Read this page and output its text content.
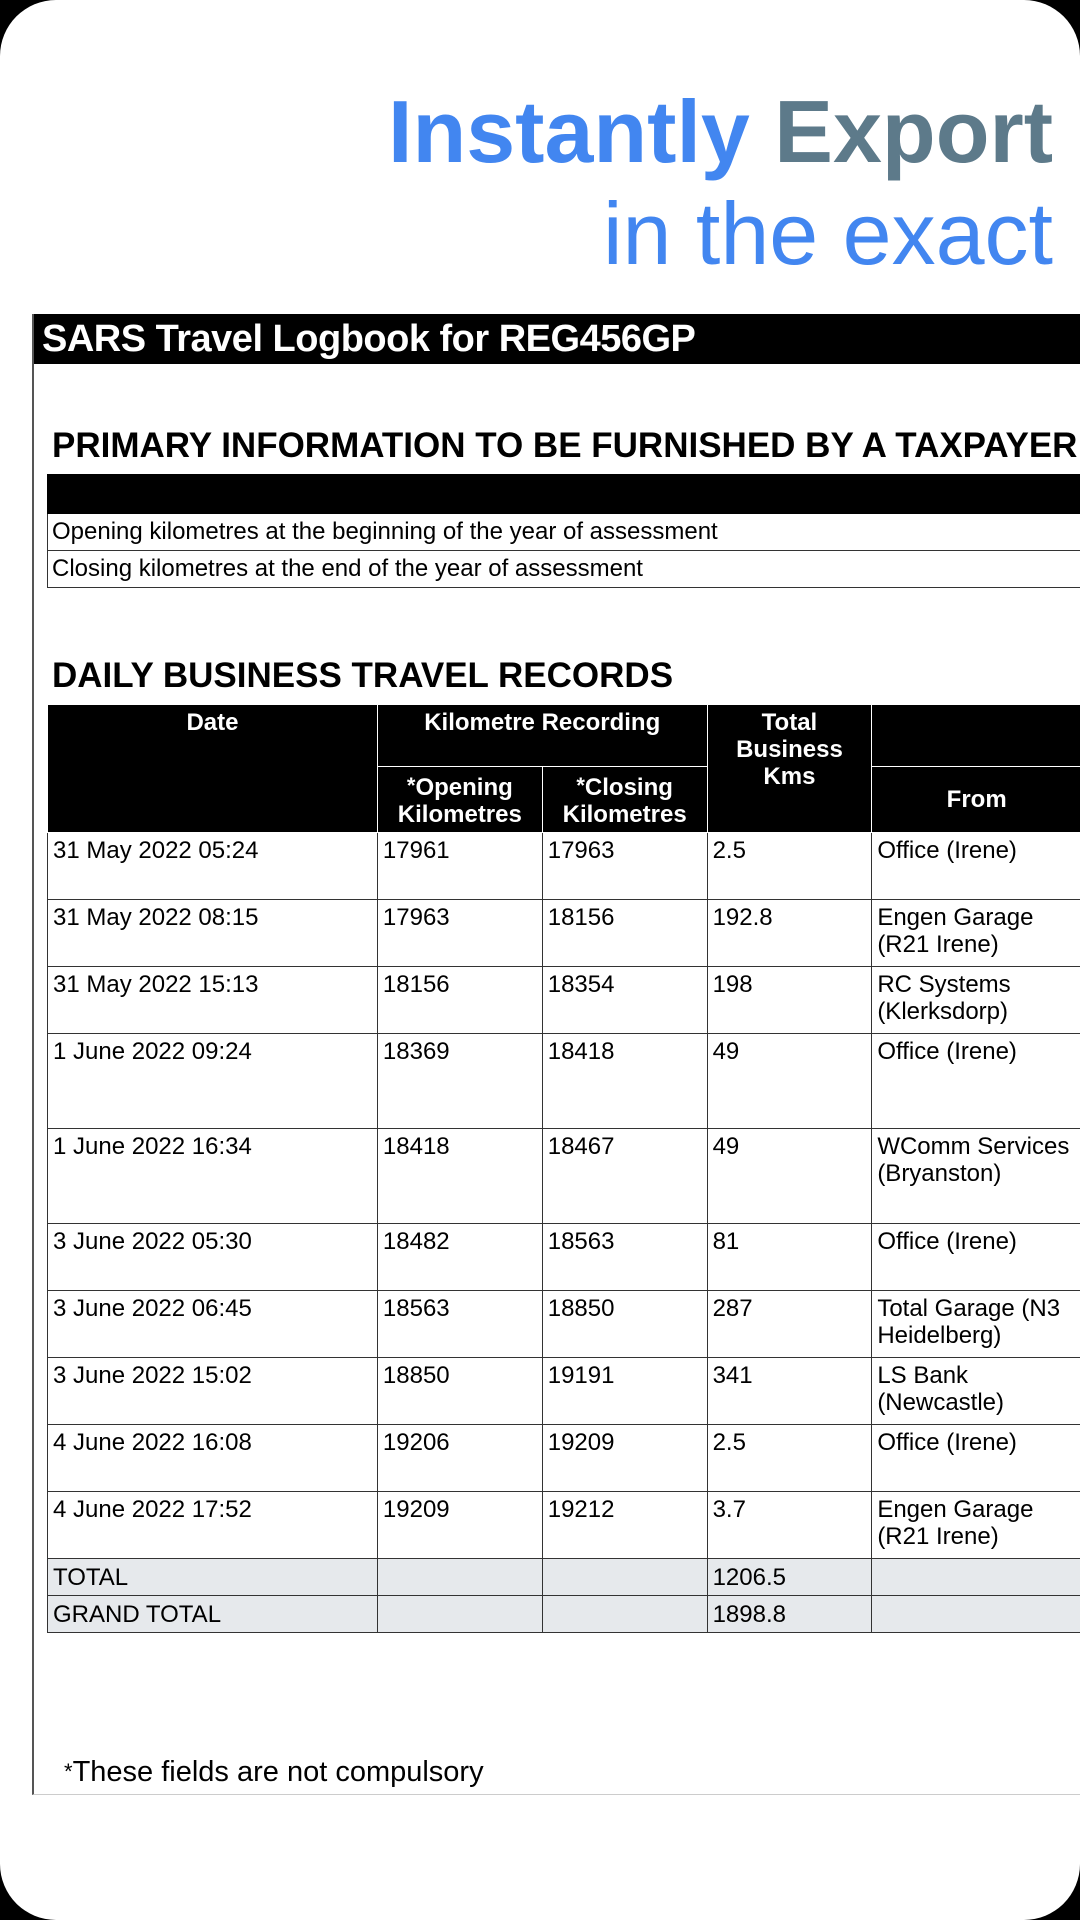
Instantly Export
in the exact
SARS Travel Logbook for REG456GP
PRIMARY INFORMATION TO BE FURNISHED BY A TAXPAYER

Opening kilometres at the beginning of the year of assessment
Closing kilometres at the end of the year of assessment
DAILY BUSINESS TRAVEL RECORDS
Date	Kilometre Recording		Total Business Kms	
	*Opening Kilometres	*Closing Kilometres		From
31 May 2022 05:24	17961	17963	2.5	Office (Irene)
31 May 2022 08:15	17963	18156	192.8	Engen Garage (R21 Irene)
31 May 2022 15:13	18156	18354	198	RC Systems (Klerksdorp)
1 June 2022 09:24	18369	18418	49	Office (Irene)
1 June 2022 16:34	18418	18467	49	WComm Services (Bryanston)
3 June 2022 05:30	18482	18563	81	Office (Irene)
3 June 2022 06:45	18563	18850	287	Total Garage (N3 Heidelberg)
3 June 2022 15:02	18850	19191	341	LS Bank (Newcastle)
4 June 2022 16:08	19206	19209	2.5	Office (Irene)
4 June 2022 17:52	19209	19212	3.7	Engen Garage (R21 Irene)
TOTAL			1206.5	
GRAND TOTAL			1898.8	
*These fields are not compulsory
